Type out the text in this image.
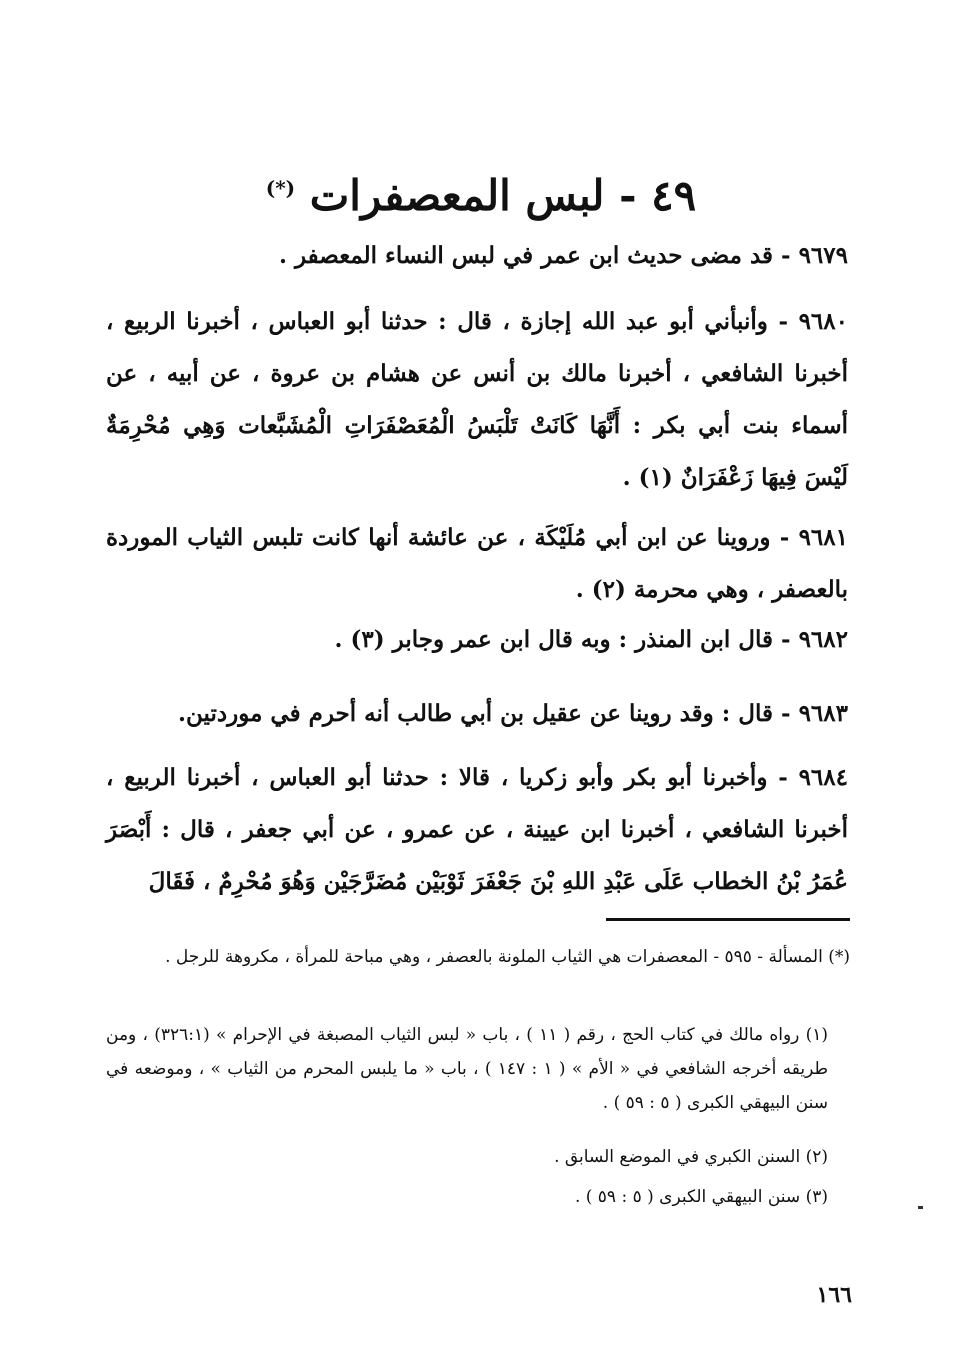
٤٩ - لبس المعصفرات (*)
٩٦٧٩ - قد مضى حديث ابن عمر في لبس النساء المعصفر .
٩٦٨٠ - وأنبأني أبو عبد الله إجازة ، قال : حدثنا أبو العباس ، أخبرنا الربيع ، أخبرنا الشافعي ، أخبرنا مالك بن أنس عن هشام بن عروة ، عن أبيه ، عن أسماء بنت أبي بكر : أَنَّهَا كَانَتْ تَلْبَسُ الْمُعَصْفَرَاتِ الْمُشَبَّعات وَهِي مُحْرِمَةٌ لَيْسَ فِيهَا زَعْفَرَانٌ (١) .
٩٦٨١ - وروينا عن ابن أبي مُلَيْكَة ، عن عائشة أنها كانت تلبس الثياب الموردة بالعصفر ، وهي محرمة (٢) .
٩٦٨٢ - قال ابن المنذر : وبه قال ابن عمر وجابر (٣) .
٩٦٨٣ - قال : وقد روينا عن عقيل بن أبي طالب أنه أحرم في موردتين.
٩٦٨٤ - وأخبرنا أبو بكر وأبو زكريا ، قالا : حدثنا أبو العباس ، أخبرنا الربيع ، أخبرنا الشافعي ، أخبرنا ابن عيينة ، عن عمرو ، عن أبي جعفر ، قال : أَبْصَرَ عُمَرُ بْنُ الخطاب عَلَى عَبْدِ اللهِ بْنَ جَعْفَرَ ثَوْبَيْن مُضَرَّجَيْن وَهُوَ مُحْرِمٌ ، فَقَالَ
(*) المسألة - ٥٩٥ - المعصفرات هي الثياب الملونة بالعصفر ، وهي مباحة للمرأة ، مكروهة للرجل .
(١) رواه مالك في كتاب الحج ، رقم ( ١١ ) ، باب « لبس الثياب المصبغة في الإحرام » (٣٢٦:١) ، ومن طريقه أخرجه الشافعي في « الأم » ( ١ : ١٤٧ ) ، باب « ما يلبس المحرم من الثياب » ، وموضعه في سنن البيهقي الكبرى ( ٥ : ٥٩ ) .
(٢) السنن الكبري في الموضع السابق .
(٣) سنن البيهقي الكبرى ( ٥ : ٥٩ ) .
١٦٦
